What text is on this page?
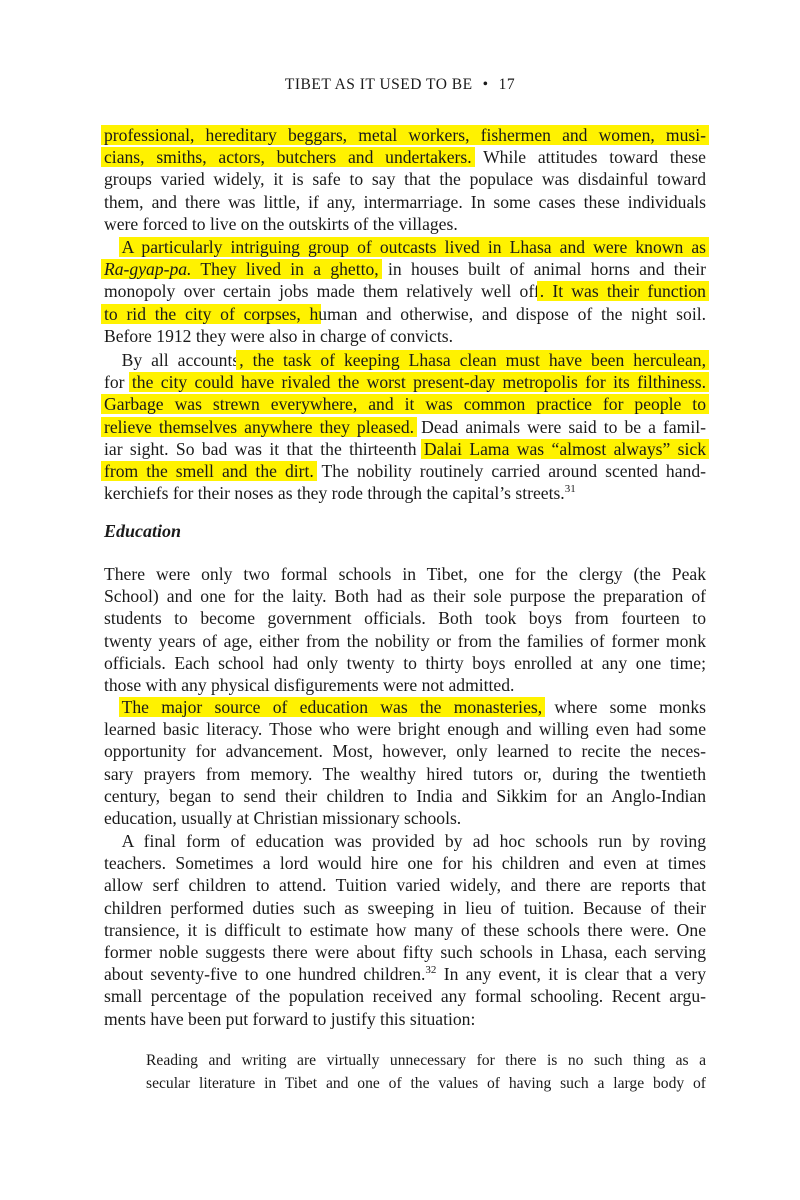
TIBET AS IT USED TO BE • 17
professional, hereditary beggars, metal workers, fishermen and women, musi-
cians, smiths, actors, butchers and undertakers. While attitudes toward these
groups varied widely, it is safe to say that the populace was disdainful toward
them, and there was little, if any, intermarriage. In some cases these individuals
were forced to live on the outskirts of the villages.
 A particularly intriguing group of outcasts lived in Lhasa and were known as
Ra-gyap-pa. They lived in a ghetto, in houses built of animal horns and their
monopoly over certain jobs made them relatively well off. It was their function
to rid the city of corpses, human and otherwise, and dispose of the night soil.
Before 1912 they were also in charge of convicts.
 By all accounts, the task of keeping Lhasa clean must have been herculean,
for the city could have rivaled the worst present-day metropolis for its filthiness.
Garbage was strewn everywhere, and it was common practice for people to
relieve themselves anywhere they pleased. Dead animals were said to be a famil-
iar sight. So bad was it that the thirteenth Dalai Lama was “almost always” sick
from the smell and the dirt. The nobility routinely carried around scented hand-
kerchiefs for their noses as they rode through the capital’s streets.$^{31}$
Education
There were only two formal schools in Tibet, one for the clergy (the Peak
School) and one for the laity. Both had as their sole purpose the preparation of
students to become government officials. Both took boys from fourteen to
twenty years of age, either from the nobility or from the families of former monk
officials. Each school had only twenty to thirty boys enrolled at any one time;
those with any physical disfigurements were not admitted.
 The major source of education was the monasteries, where some monks
learned basic literacy. Those who were bright enough and willing even had some
opportunity for advancement. Most, however, only learned to recite the neces-
sary prayers from memory. The wealthy hired tutors or, during the twentieth
century, began to send their children to India and Sikkim for an Anglo-Indian
education, usually at Christian missionary schools.
 A final form of education was provided by ad hoc schools run by roving
teachers. Sometimes a lord would hire one for his children and even at times
allow serf children to attend. Tuition varied widely, and there are reports that
children performed duties such as sweeping in lieu of tuition. Because of their
transience, it is difficult to estimate how many of these schools there were. One
former noble suggests there were about fifty such schools in Lhasa, each serving
about seventy-five to one hundred children.$^{32}$ In any event, it is clear that a very
small percentage of the population received any formal schooling. Recent argu-
ments have been put forward to justify this situation:
Reading and writing are virtually unnecessary for there is no such thing as a
secular literature in Tibet and one of the values of having such a large body of
